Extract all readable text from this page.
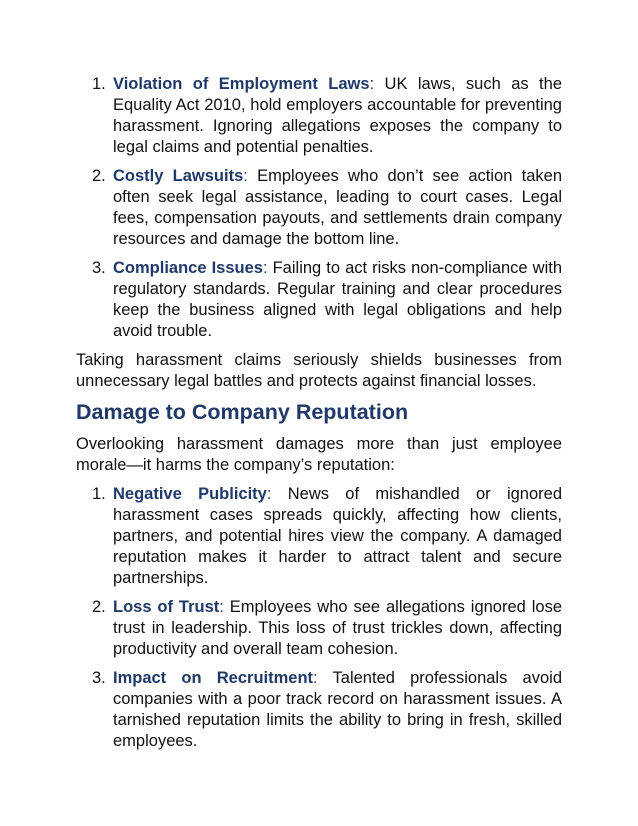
1. Violation of Employment Laws: UK laws, such as the Equality Act 2010, hold employers accountable for preventing harassment. Ignoring allegations exposes the company to legal claims and potential penalties.
2. Costly Lawsuits: Employees who don’t see action taken often seek legal assistance, leading to court cases. Legal fees, compensation payouts, and settlements drain company resources and damage the bottom line.
3. Compliance Issues: Failing to act risks non-compliance with regulatory standards. Regular training and clear procedures keep the business aligned with legal obligations and help avoid trouble.

Taking harassment claims seriously shields businesses from unnecessary legal battles and protects against financial losses.

Damage to Company Reputation

Overlooking harassment damages more than just employee morale—it harms the company’s reputation:

1. Negative Publicity: News of mishandled or ignored harassment cases spreads quickly, affecting how clients, partners, and potential hires view the company. A damaged reputation makes it harder to attract talent and secure partnerships.
2. Loss of Trust: Employees who see allegations ignored lose trust in leadership. This loss of trust trickles down, affecting productivity and overall team cohesion.
3. Impact on Recruitment: Talented professionals avoid companies with a poor track record on harassment issues. A tarnished reputation limits the ability to bring in fresh, skilled employees.
